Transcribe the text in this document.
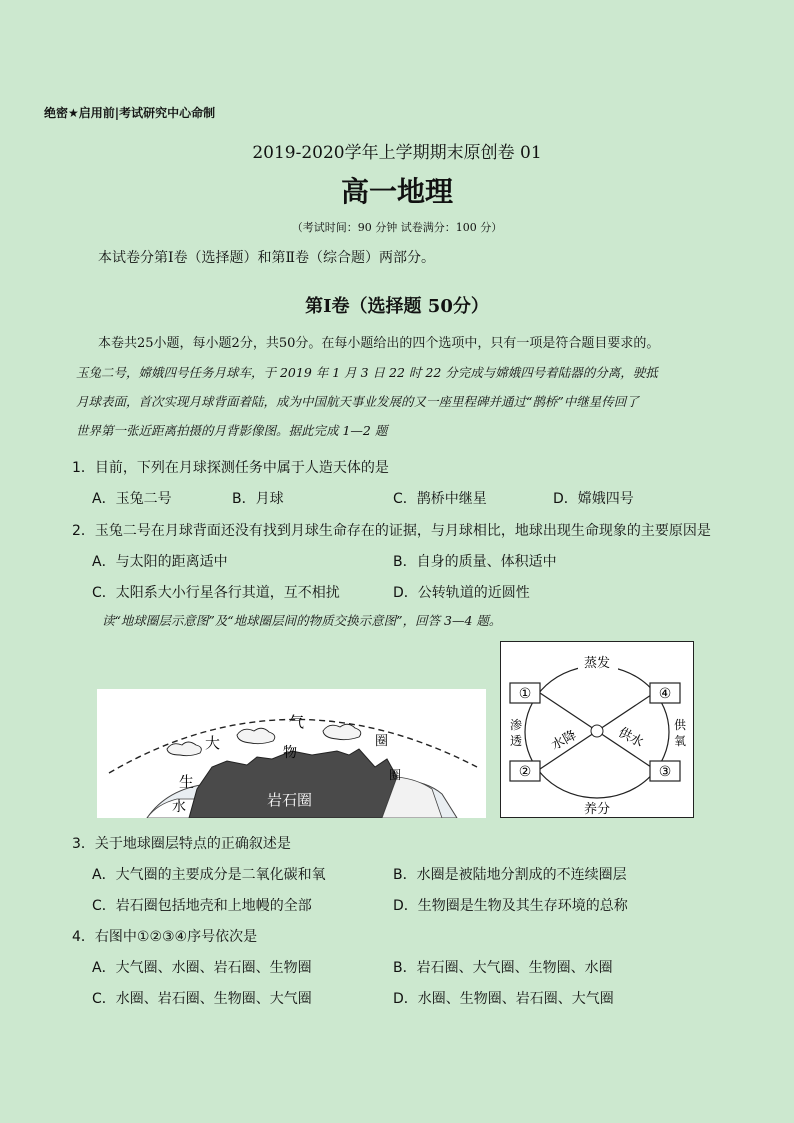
绝密★启用前|考试研究中心命制
2019-2020学年上学期期末原创卷 01
高一地理
（考试时间：90 分钟 试卷满分：100 分）
本试卷分第Ⅰ卷（选择题）和第Ⅱ卷（综合题）两部分。
第Ⅰ卷（选择题 50分）
本卷共25小题，每小题2分，共50分。在每小题给出的四个选项中，只有一项是符合题目要求的。
玉兔二号，嫦娥四号任务月球车，于 2019 年 1 月 3 日 22 时 22 分完成与嫦娥四号着陆器的分离，驶抵
月球表面，首次实现月球背面着陆，成为中国航天事业发展的又一座里程碑并通过“鹊桥”中继星传回了
世界第一张近距离拍摄的月背影像图。据此完成 1—2 题
1．目前，下列在月球探测任务中属于人造天体的是
A．玉兔二号	B．月球	C．鹊桥中继星	D．嫦娥四号
2．玉兔二号在月球背面还没有找到月球生命存在的证据，与月球相比，地球出现生命现象的主要原因是
A．与太阳的距离适中	B．自身的质量、体积适中
C．太阳系大小行星各行其道，互不相扰	D．公转轨道的近圆性
读“地球圈层示意图”及“地球圈层间的物质交换示意图”，回答 3—4 题。
大
气
圈
生
物
圈
水	岩石圈
①	④
②	③
蒸发
养分
渗
透
供
氧
水降	供水
3．关于地球圈层特点的正确叙述是
A．大气圈的主要成分是二氧化碳和氧	B．水圈是被陆地分割成的不连续圈层
C．岩石圈包括地壳和上地幔的全部	D．生物圈是生物及其生存环境的总称
4．右图中①②③④序号依次是
A．大气圈、水圈、岩石圈、生物圈	B．岩石圈、大气圈、生物圈、水圈
C．水圈、岩石圈、生物圈、大气圈	D．水圈、生物圈、岩石圈、大气圈
